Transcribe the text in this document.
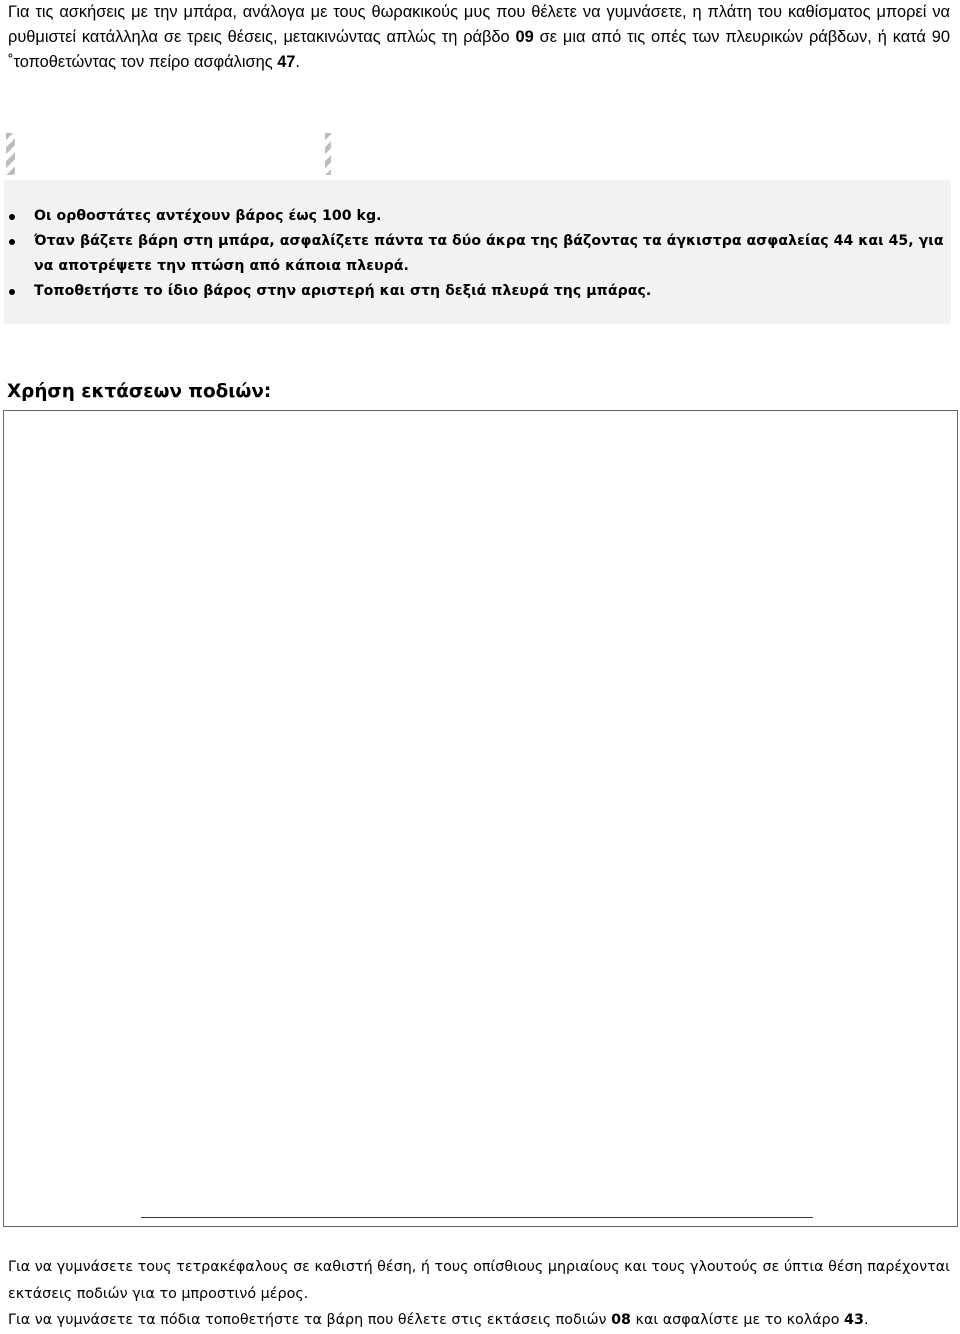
Για τις ασκήσεις με την μπάρα, ανάλογα με τους θωρακικούς μυς που θέλετε να γυμνάσετε, η πλάτη του καθίσματος μπορεί να ρυθμιστεί κατάλληλα σε τρεις θέσεις, μετακινώντας απλώς τη ράβδο 09 σε μια από τις οπές των πλευρικών ράβδων, ή κατά 90 ˚τοποθετώντας τον πείρο ασφάλισης 47.
Οι ορθοστάτες αντέχουν βάρος έως 100 kg.
Όταν βάζετε βάρη στη μπάρα, ασφαλίζετε πάντα τα δύο άκρα της βάζοντας τα άγκιστρα ασφαλείας 44 και 45, για να αποτρέψετε την πτώση από κάποια πλευρά.
Τοποθετήστε το ίδιο βάρος στην αριστερή και στη δεξιά πλευρά της μπάρας.
Χρήση εκτάσεων ποδιών:

Για να γυμνάσετε τους τετρακέφαλους σε καθιστή θέση, ή τους οπίσθιους μηριαίους και τους γλουτούς σε ύπτια θέση παρέχονται εκτάσεις ποδιών για το μπροστινό μέρος.

Για να γυμνάσετε τα πόδια τοποθετήστε τα βάρη που θέλετε στις εκτάσεις ποδιών 08 και ασφαλίστε με το κολάρο 43.
